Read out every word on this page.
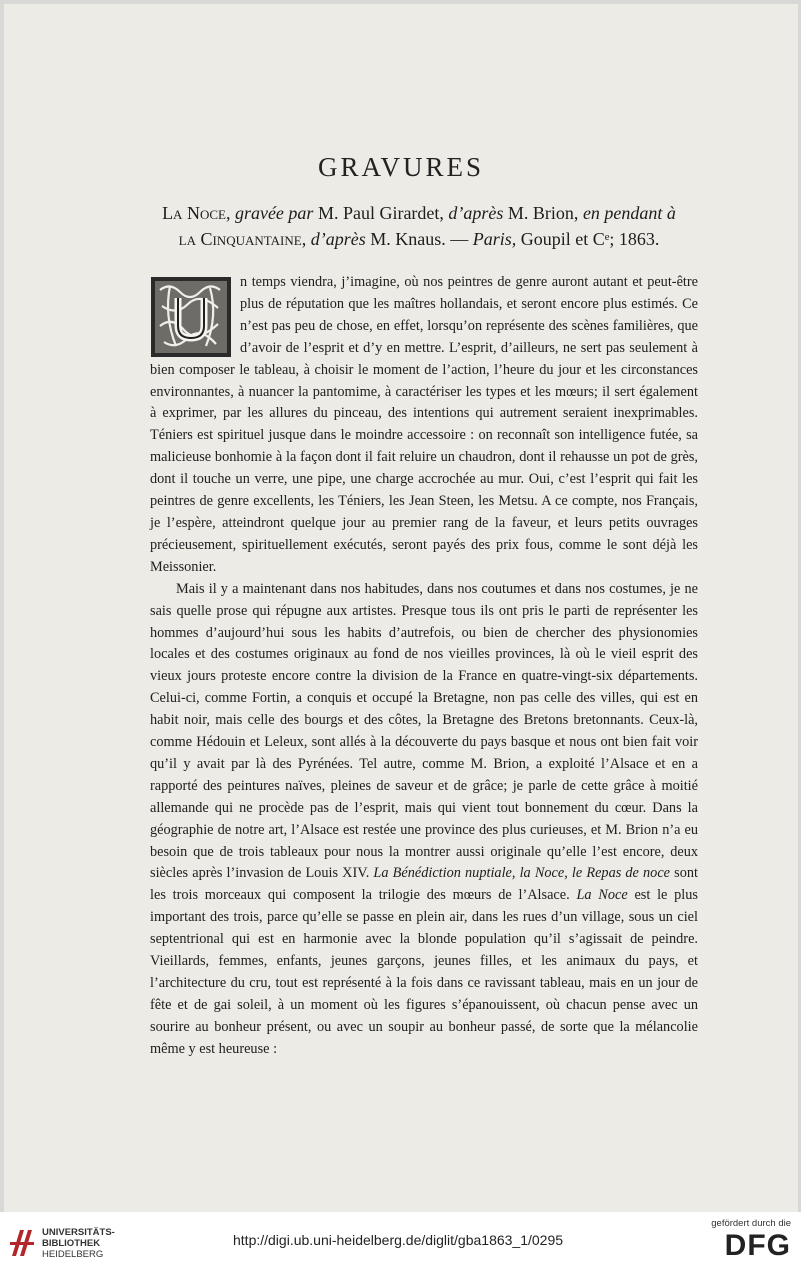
GRAVURES
La Noce, gravée par M. Paul Girardet, d’après M. Brion, en pendant à
la Cinquantaine, d’après M. Knaus. — Paris, Goupil et Cᵉ; 1863.

n temps viendra, j’imagine, où nos peintres de genre auront autant et peut-être plus de réputation que les maîtres hollandais, et seront encore plus estimés. Ce n’est pas peu de chose, en effet, lorsqu’on représente des scènes familières, que d’avoir de l’esprit et d’y en mettre. L’esprit, d’ailleurs, ne sert pas seulement à bien composer le tableau, à choisir le moment de l’action, l’heure du jour et les circonstances environnantes, à nuancer la pantomime, à caractériser les types et les mœurs; il sert également à exprimer, par les allures du pinceau, des intentions qui autrement seraient inexprimables. Téniers est spirituel jusque dans le moindre accessoire : on reconnaît son intelligence futée, sa malicieuse bonhomie à la façon dont il fait reluire un chaudron, dont il rehausse un pot de grès, dont il touche un verre, une pipe, une charge accrochée au mur. Oui, c’est l’esprit qui fait les peintres de genre excellents, les Téniers, les Jean Steen, les Metsu. A ce compte, nos Français, je l’espère, atteindront quelque jour au premier rang de la faveur, et leurs petits ouvrages précieusement, spirituellement exécutés, seront payés des prix fous, comme le sont déjà les Meissonier.

Mais il y a maintenant dans nos habitudes, dans nos coutumes et dans nos costumes, je ne sais quelle prose qui répugne aux artistes. Presque tous ils ont pris le parti de représenter les hommes d’aujourd’hui sous les habits d’autrefois, ou bien de chercher des physionomies locales et des costumes originaux au fond de nos vieilles provinces, là où le vieil esprit des vieux jours proteste encore contre la division de la France en quatre-vingt-six départements. Celui-ci, comme Fortin, a conquis et occupé la Bretagne, non pas celle des villes, qui est en habit noir, mais celle des bourgs et des côtes, la Bretagne des Bretons bretonnants. Ceux-là, comme Hédouin et Leleux, sont allés à la découverte du pays basque et nous ont bien fait voir qu’il y avait par là des Pyrénées. Tel autre, comme M. Brion, a exploité l’Alsace et en a rapporté des peintures naïves, pleines de saveur et de grâce; je parle de cette grâce à moitié allemande qui ne procède pas de l’esprit, mais qui vient tout bonnement du cœur. Dans la géographie de notre art, l’Alsace est restée une province des plus curieuses, et M. Brion n’a eu besoin que de trois tableaux pour nous la montrer aussi originale qu’elle l’est encore, deux siècles après l’invasion de Louis XIV. La Bénédiction nuptiale, la Noce, le Repas de noce sont les trois morceaux qui composent la trilogie des mœurs de l’Alsace. La Noce est le plus important des trois, parce qu’elle se passe en plein air, dans les rues d’un village, sous un ciel septentrional qui est en harmonie avec la blonde population qu’il s’agissait de peindre. Vieillards, femmes, enfants, jeunes garçons, jeunes filles, et les animaux du pays, et l’architecture du cru, tout est représenté à la fois dans ce ravissant tableau, mais en un jour de fête et de gai soleil, à un moment où les figures s’épanouissent, où chacun pense avec un sourire au bonheur présent, ou avec un soupir au bonheur passé, de sorte que la mélancolie même y est heureuse :

UNIVERSITÄTS-
BIBLIOTHEK
HEIDELBERG
http://digi.ub.uni-heidelberg.de/diglit/gba1863_1/0295
gefördert durch die
DFG
